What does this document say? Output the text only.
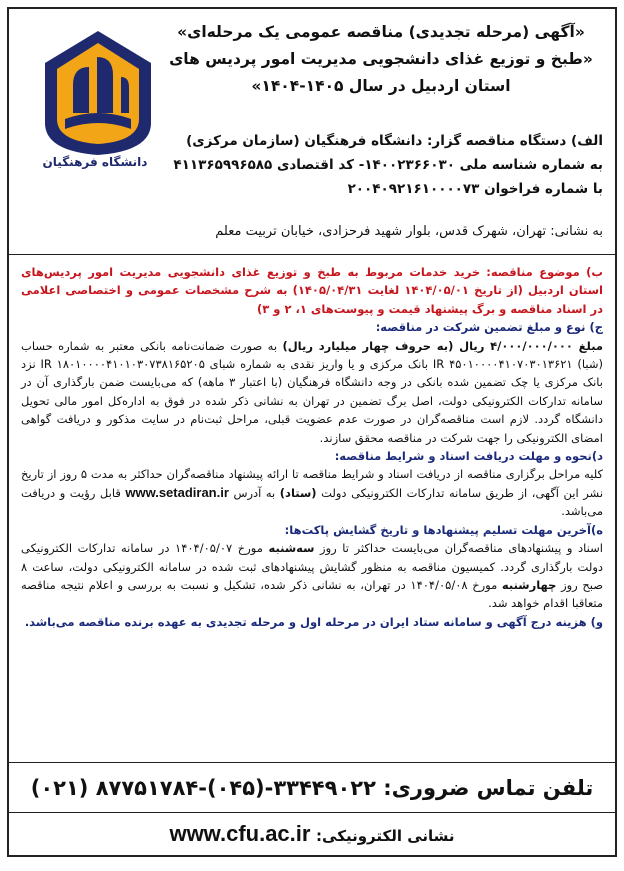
دانشگاه فرهنگیان
«آگهی (مرحله تجدیدی) مناقصه عمومی یک مرحله‌ای»
«طبخ و توزیع غذای دانشجویی مدیریت امور پردیس های
استان اردبیل در سال ۱۴۰۵-۱۴۰۴»
الف) دستگاه مناقصه گزار: دانشگاه فرهنگیان (سازمان مرکزی)
به شماره شناسه ملی ۱۴۰۰۲۳۶۶۰۳۰- کد اقتصادی ۴۱۱۳۶۵۹۹۶۵۸۵
با شماره فراخوان ۲۰۰۴۰۹۲۱۶۱۰۰۰۰۷۳
به نشانی: تهران، شهرک قدس، بلوار شهید فرحزادی، خیابان تربیت معلم

ب) موضوع مناقصه: خرید خدمات مربوط به طبخ و توزیع غذای دانشجویی مدیریت امور پردیس‌های استان اردبیل (از تاریخ ۱۴۰۴/۰۵/۰۱ لغایت ۱۴۰۵/۰۴/۳۱) به شرح مشخصات عمومی و اختصاصی اعلامی در اسناد مناقصه و برگ پیشنهاد قیمت و پیوست‌های ۱، ۲ و ۳)

ج) نوع و مبلغ تضمین شرکت در مناقصه:
مبلغ ۴/۰۰۰/۰۰۰/۰۰۰ ریال (به حروف چهار میلیارد ریال) به صورت ضمانت‌نامه بانکی معتبر به شماره حساب (شبا) IR ۴۵۰۱۰۰۰۰۴۱۰۷۰۳۰۱۳۶۲۱ بانک مرکزی و یا واریز نقدی به شماره شبای IR ۱۸۰۱۰۰۰۰۴۱۰۱۰۳۰۷۳۸۱۶۵۲۰۵ نزد بانک مرکزی یا چک تضمین شده بانکی در وجه دانشگاه فرهنگیان (با اعتبار ۳ ماهه) که می‌بایست ضمن بارگذاری آن در سامانه تدارکات الکترونیکی دولت، اصل برگ تضمین در تهران به نشانی ذکر شده در فوق به اداره‌کل امور مالی تحویل دانشگاه گردد. لازم است مناقصه‌گران در صورت عدم عضویت قبلی، مراحل ثبت‌نام در سایت مذکور و دریافت گواهی امضای الکترونیکی را جهت شرکت در مناقصه محقق سازند.

د)نحوه و مهلت دریافت اسناد و شرایط مناقصه:
کلیه مراحل برگزاری مناقصه از دریافت اسناد و شرایط مناقصه تا ارائه پیشنهاد مناقصه‌گران حداکثر به مدت ۵ روز از تاریخ نشر این آگهی، از طریق سامانه تدارکات الکترونیکی دولت (ستاد) به آدرس www.setadiran.ir قابل رؤیت و دریافت می‌باشد.

ه)آخرین مهلت تسلیم پیشنهادها و تاریخ گشایش پاکت‌ها:
اسناد و پیشنهادهای مناقصه‌گران می‌بایست حداکثر تا روز سه‌شنبه مورخ ۱۴۰۴/۰۵/۰۷ در سامانه تدارکات الکترونیکی دولت بارگذاری گردد. کمیسیون مناقصه به منظور گشایش پیشنهادهای ثبت شده در سامانه الکترونیکی دولت، ساعت ۸ صبح روز چهارشنبه مورخ ۱۴۰۴/۰۵/۰۸ در تهران، به نشانی ذکر شده، تشکیل و نسبت به بررسی و اعلام نتیجه مناقصه متعاقبا اقدام خواهد شد.

و) هزینه درج آگهی و سامانه ستاد ایران در مرحله اول و مرحله تجدیدی به عهده برنده مناقصه می‌باشد.

تلفن تماس ضروری: ۳۳۴۴۹۰۲۲-(۰۴۵)-۸۷۷۵۱۷۸۴ (۰۲۱)
نشانی الکترونیکی: www.cfu.ac.ir
